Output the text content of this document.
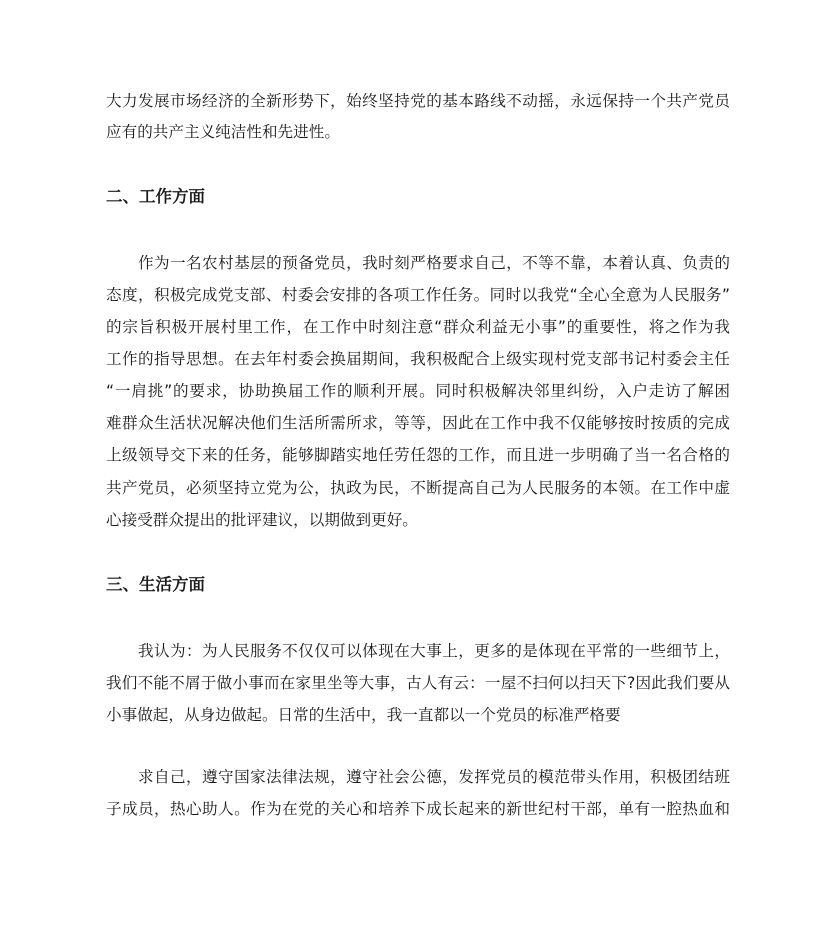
大力发展市场经济的全新形势下，始终坚持党的基本路线不动摇，永远保持一个共产党员
应有的共产主义纯洁性和先进性。
二、工作方面
作为一名农村基层的预备党员，我时刻严格要求自己，不等不靠，本着认真、负责的
态度，积极完成党支部、村委会安排的各项工作任务。同时以我党“全心全意为人民服务”
的宗旨积极开展村里工作，在工作中时刻注意“群众利益无小事”的重要性，将之作为我
工作的指导思想。在去年村委会换届期间，我积极配合上级实现村党支部书记村委会主任
“一肩挑”的要求，协助换届工作的顺利开展。同时积极解决邻里纠纷，入户走访了解困
难群众生活状况解决他们生活所需所求，等等，因此在工作中我不仅能够按时按质的完成
上级领导交下来的任务，能够脚踏实地任劳任怨的工作，而且进一步明确了当一名合格的
共产党员，必须坚持立党为公，执政为民，不断提高自己为人民服务的本领。在工作中虚
心接受群众提出的批评建议，以期做到更好。
三、生活方面
我认为：为人民服务不仅仅可以体现在大事上，更多的是体现在平常的一些细节上，
我们不能不屑于做小事而在家里坐等大事，古人有云：一屋不扫何以扫天下?因此我们要从
小事做起，从身边做起。日常的生活中，我一直都以一个党员的标准严格要
求自己，遵守国家法律法规，遵守社会公德，发挥党员的模范带头作用，积极团结班
子成员，热心助人。作为在党的关心和培养下成长起来的新世纪村干部，单有一腔热血和
